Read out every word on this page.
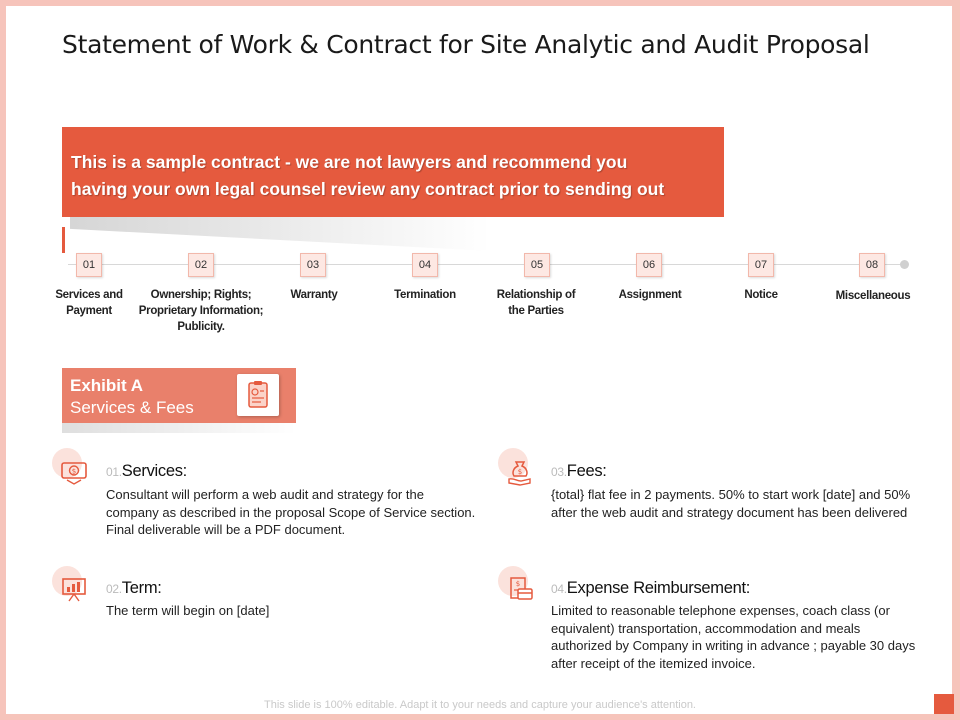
Statement of Work & Contract for Site Analytic and Audit Proposal
This is a sample contract - we are not lawyers and recommend you
having your own legal counsel review any contract prior to sending out
01	02	03	04	05	06	07	08
Services and Payment
Ownership; Rights; Proprietary Information; Publicity.
Warranty	Termination	Relationship of the Parties
Assignment	Notice	Miscellaneous
Exhibit A
Services & Fees
$ 01.Services:
Consultant will perform a web audit and strategy for the company as described in the proposal Scope of Service section. Final deliverable will be a PDF document.
02.Term:
The term will begin on [date]
$ 03.Fees:
{total} flat fee in 2 payments. 50% to start work [date] and 50% after the web audit and strategy document has been delivered
$	04.Expense Reimbursement:
Limited to reasonable telephone expenses, coach class (or equivalent) transportation, accommodation and meals authorized by Company in writing in advance ; payable 30 days after receipt of the itemized invoice.
This slide is 100% editable. Adapt it to your needs and capture your audience's attention.
